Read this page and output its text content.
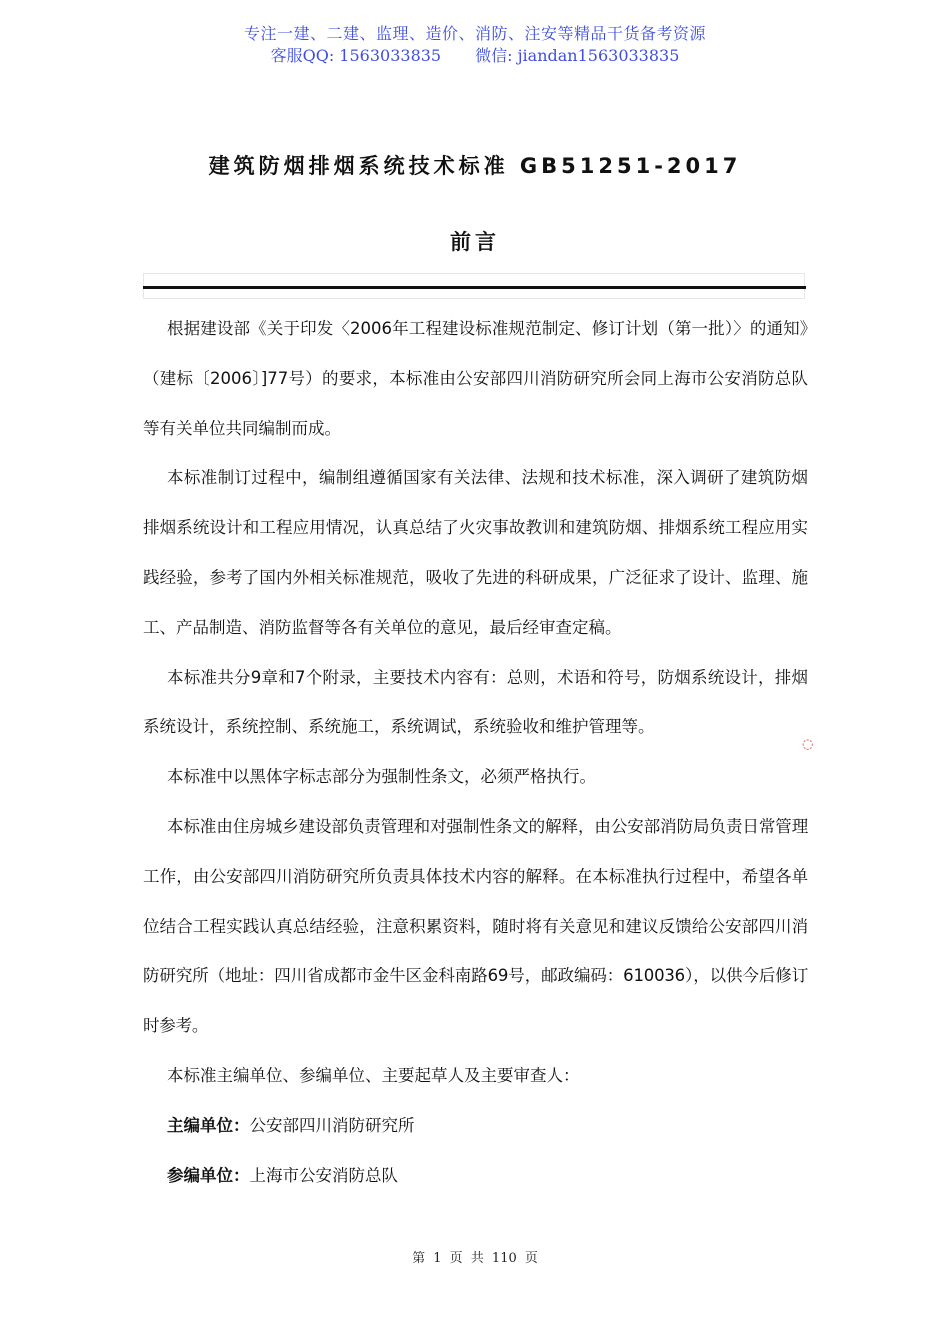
专注一建、二建、监理、造价、消防、注安等精品干货备考资源
客服QQ: 1563033835 微信: jiandan1563033835
建筑防烟排烟系统技术标准 GB51251-2017
前言

根据建设部《关于印发〈2006年工程建设标准规范制定、修订计划（第一批）〉的通知》（建标〔2006〕]77号）的要求，本标准由公安部四川消防研究所会同上海市公安消防总队等有关单位共同编制而成。

本标准制订过程中，编制组遵循国家有关法律、法规和技术标准，深入调研了建筑防烟排烟系统设计和工程应用情况，认真总结了火灾事故教训和建筑防烟、排烟系统工程应用实践经验，参考了国内外相关标准规范，吸收了先进的科研成果，广泛征求了设计、监理、施工、产品制造、消防监督等各有关单位的意见，最后经审查定稿。

本标准共分9章和7个附录，主要技术内容有：总则，术语和符号，防烟系统设计，排烟系统设计，系统控制、系统施工，系统调试，系统验收和维护管理等。

本标准中以黑体字标志部分为强制性条文，必须严格执行。

本标准由住房城乡建设部负责管理和对强制性条文的解释，由公安部消防局负责日常管理工作，由公安部四川消防研究所负责具体技术内容的解释。在本标准执行过程中，希望各单位结合工程实践认真总结经验，注意积累资料，随时将有关意见和建议反馈给公安部四川消防研究所（地址：四川省成都市金牛区金科南路69号，邮政编码：610036），以供今后修订时参考。

本标准主编单位、参编单位、主要起草人及主要审查人：

主编单位：公安部四川消防研究所

参编单位：上海市公安消防总队

◌
第 1 页 共 110 页
